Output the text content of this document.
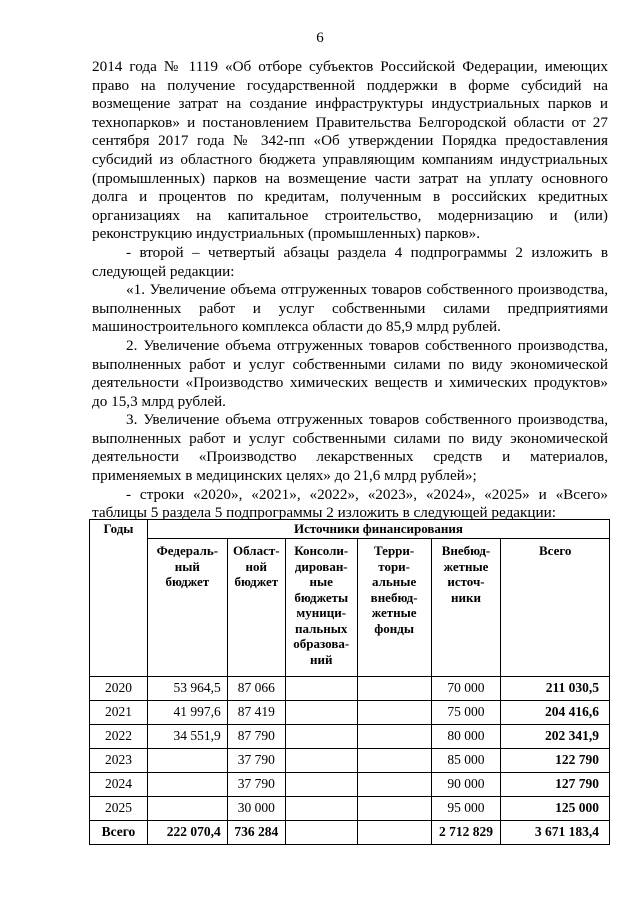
6

2014 года № 1119 «Об отборе субъектов Российской Федерации, имеющих право на получение государственной поддержки в форме субсидий на возмещение затрат на создание инфраструктуры индустриальных парков и технопарков» и постановлением Правительства Белгородской области от 27 сентября 2017 года № 342-пп «Об утверждении Порядка предоставления субсидий из областного бюджета управляющим компаниям индустриальных (промышленных) парков на возмещение части затрат на уплату основного долга и процентов по кредитам, полученным в российских кредитных организациях на капитальное строительство, модернизацию и (или) реконструкцию индустриальных (промышленных) парков».

- второй – четвертый абзацы раздела 4 подпрограммы 2 изложить в следующей редакции:

«1. Увеличение объема отгруженных товаров собственного производства, выполненных работ и услуг собственными силами предприятиями машиностроительного комплекса области до 85,9 млрд рублей.

2. Увеличение объема отгруженных товаров собственного производства, выполненных работ и услуг собственными силами по виду экономической деятельности «Производство химических веществ и химических продуктов» до 15,3 млрд рублей.

3. Увеличение объема отгруженных товаров собственного производства, выполненных работ и услуг собственными силами по виду экономической деятельности «Производство лекарственных средств и материалов, применяемых в медицинских целях» до 21,6 млрд рублей»;

- строки «2020», «2021», «2022», «2023», «2024», «2025» и «Всего» таблицы 5 раздела 5 подпрограммы 2 изложить в следующей редакции:

Годы	Источники финансирования					
	Федераль-ный бюджет	Област-ной бюджет	Консоли-дирован-ные бюджеты муници-пальных образова-ний	Терри-тори-альные внебюд-жетные фонды	Внебюд-жетные источ-ники	Всего
2020	53 964,5	87 066			70 000	211 030,5
2021	41 997,6	87 419			75 000	204 416,6
2022	34 551,9	87 790			80 000	202 341,9
2023		37 790			85 000	122 790
2024		37 790			90 000	127 790
2025		30 000			95 000	125 000
Всего	222 070,4	736 284			2 712 829	3 671 183,4
